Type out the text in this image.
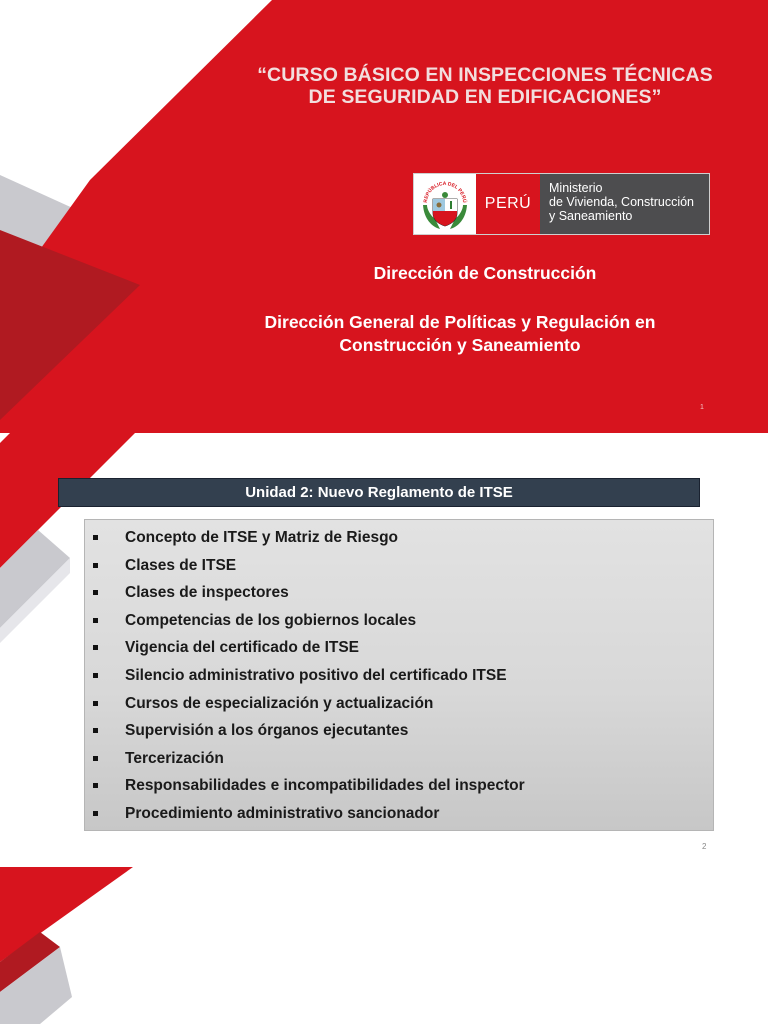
“CURSO BÁSICO EN INSPECCIONES TÉCNICAS
DE SEGURIDAD EN EDIFICACIONES”
REPÚBLICA DEL PERÚ	PERÚ
Ministerio
de Vivienda, Construcción
y Saneamiento
Dirección de Construcción
Dirección General de Políticas y Regulación en
Construcción y Saneamiento
1
Unidad 2: Nuevo Reglamento de ITSE
Concepto de ITSE y Matriz de Riesgo
Clases de ITSE
Clases de inspectores
Competencias de los gobiernos locales
Vigencia del certificado de ITSE
Silencio administrativo positivo del certificado ITSE
Cursos de especialización y actualización
Supervisión a los órganos ejecutantes
Tercerización
Responsabilidades e incompatibilidades del inspector
Procedimiento administrativo sancionador
2
